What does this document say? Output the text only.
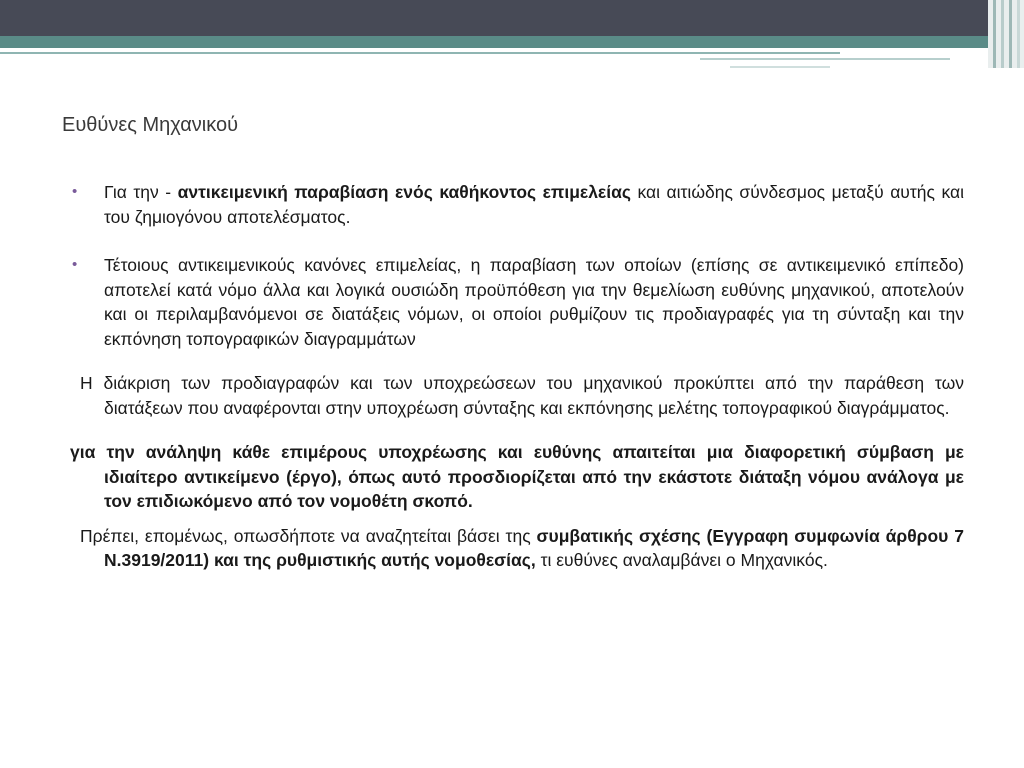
Ευθύνες Μηχανικού

• Για την - αντικειμενική παραβίαση ενός καθήκοντος επιμελείας και αιτιώδης σύνδεσμος μεταξύ αυτής και του ζημιογόνου αποτελέσματος.

• Τέτοιους αντικειμενικούς κανόνες επιμελείας, η παραβίαση των οποίων (επίσης σε αντικειμενικό επίπεδο) αποτελεί κατά νόμο άλλα και λογικά ουσιώδη προϋπόθεση για την θεμελίωση ευθύνης μηχανικού, αποτελούν και οι περιλαμβανόμενοι σε διατάξεις νόμων, οι οποίοι ρυθμίζουν τις προδιαγραφές για τη σύνταξη και την εκπόνηση τοπογραφικών διαγραμμάτων

Η διάκριση των προδιαγραφών και των υποχρεώσεων του μηχανικού προκύπτει από την παράθεση των διατάξεων που αναφέρονται στην υποχρέωση σύνταξης και εκπόνησης μελέτης τοπογραφικού διαγράμματος.

για την ανάληψη κάθε επιμέρους υποχρέωσης και ευθύνης απαιτείται μια διαφορετική σύμβαση με ιδιαίτερο αντικείμενο (έργο), όπως αυτό προσδιορίζεται από την εκάστοτε διάταξη νόμου ανάλογα με τον επιδιωκόμενο από τον νομοθέτη σκοπό.

Πρέπει, επομένως, οπωσδήποτε να αναζητείται βάσει της συμβατικής σχέσης (Εγγραφη συμφωνία άρθρου 7 Ν.3919/2011) και της ρυθμιστικής αυτής νομοθεσίας, τι ευθύνες αναλαμβάνει ο Μηχανικός.
